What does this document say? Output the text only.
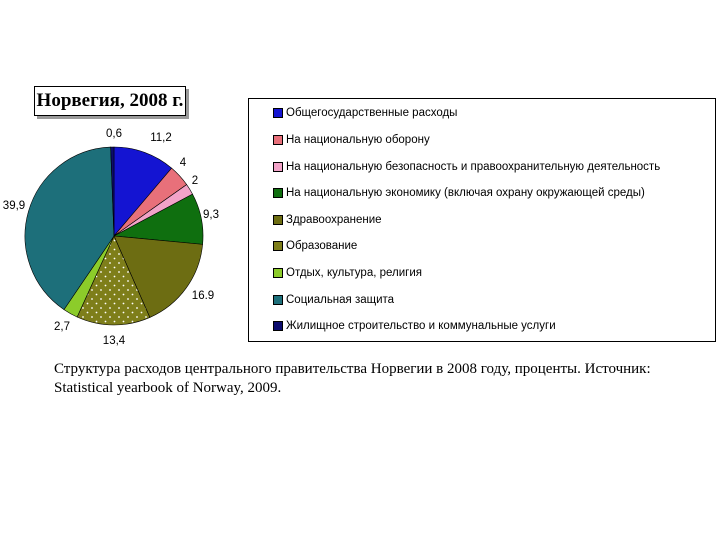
11,2
4
2
9,3
16.9
13,4
2,7
39,9
0,6
Норвегия, 2008 г.
Общегосударственные расходы
На национальную оборону
На национальную безопасность и правоохранительную деятельность
На национальную экономику (включая охрану окружающей среды)
Здравоохранение
Образование
Отдых, культура, религия
Социальная защита
Жилищное строительство и коммунальные услуги
Структура расходов центрального правительства Норвегии в 2008 году, проценты. Источник:
Statistical yearbook of Norway, 2009.
